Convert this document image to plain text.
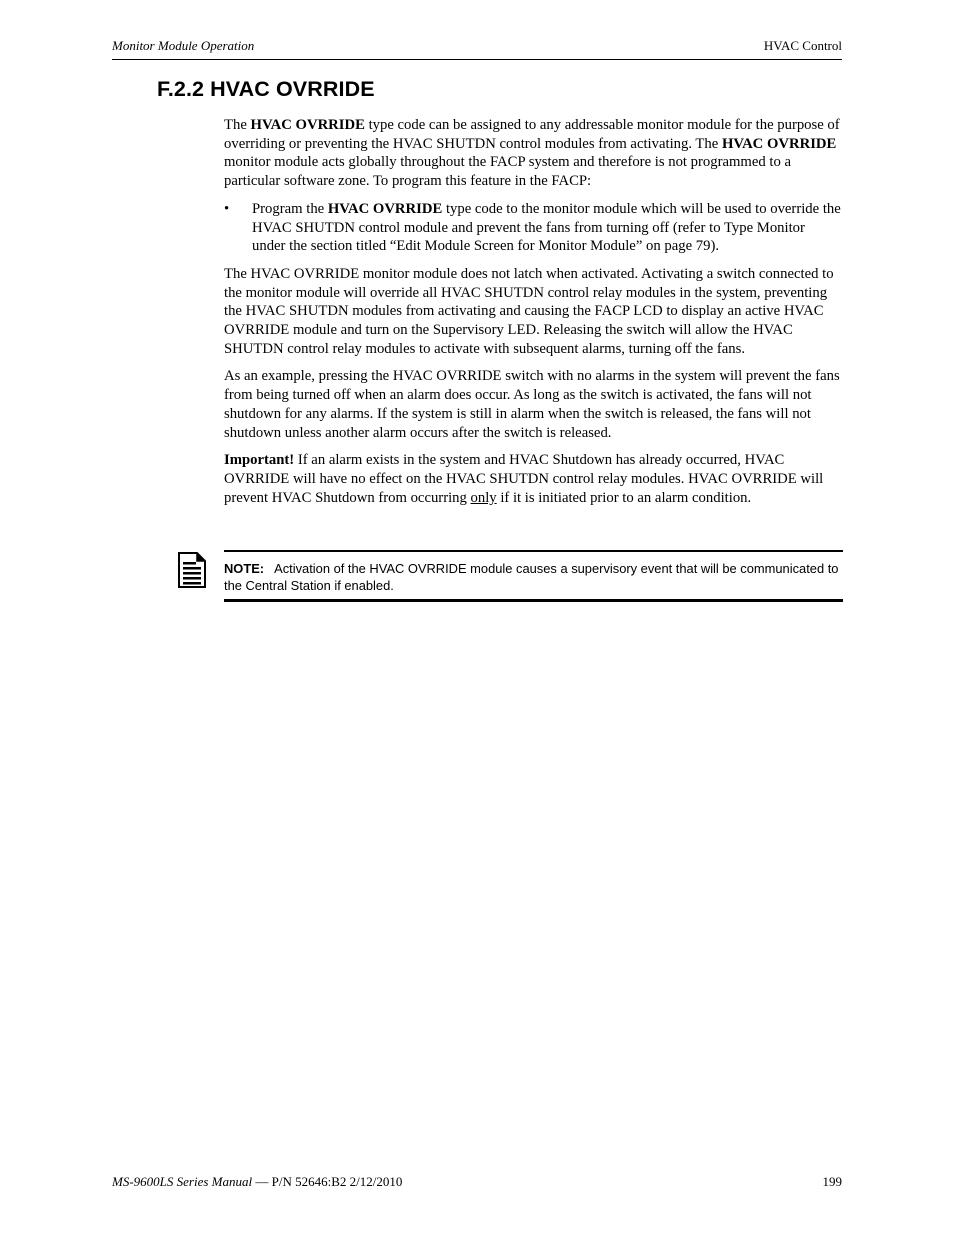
Monitor Module Operation	HVAC Control
F.2.2 HVAC OVRRIDE

The HVAC OVRRIDE type code can be assigned to any addressable monitor module for the purpose of overriding or preventing the HVAC SHUTDN control modules from activating. The HVAC OVRRIDE monitor module acts globally throughout the FACP system and therefore is not programmed to a particular software zone. To program this feature in the FACP:

•	Program the HVAC OVRRIDE type code to the monitor module which will be used to override the HVAC SHUTDN control module and prevent the fans from turning off (refer to Type Monitor under the section titled “Edit Module Screen for Monitor Module” on page 79).

The HVAC OVRRIDE monitor module does not latch when activated. Activating a switch connected to the monitor module will override all HVAC SHUTDN control relay modules in the system, preventing the HVAC SHUTDN modules from activating and causing the FACP LCD to display an active HVAC OVRRIDE module and turn on the Supervisory LED. Releasing the switch will allow the HVAC SHUTDN control relay modules to activate with subsequent alarms, turning off the fans.

As an example, pressing the HVAC OVRRIDE switch with no alarms in the system will prevent the fans from being turned off when an alarm does occur. As long as the switch is activated, the fans will not shutdown for any alarms. If the system is still in alarm when the switch is released, the fans will not shutdown unless another alarm occurs after the switch is released.

Important! If an alarm exists in the system and HVAC Shutdown has already occurred, HVAC OVRRIDE will have no effect on the HVAC SHUTDN control relay modules. HVAC OVRRIDE will prevent HVAC Shutdown from occurring only if it is initiated prior to an alarm condition.

NOTE: Activation of the HVAC OVRRIDE module causes a supervisory event that will be communicated to the Central Station if enabled.
MS-9600LS Series Manual — P/N 52646:B2 2/12/2010	199
